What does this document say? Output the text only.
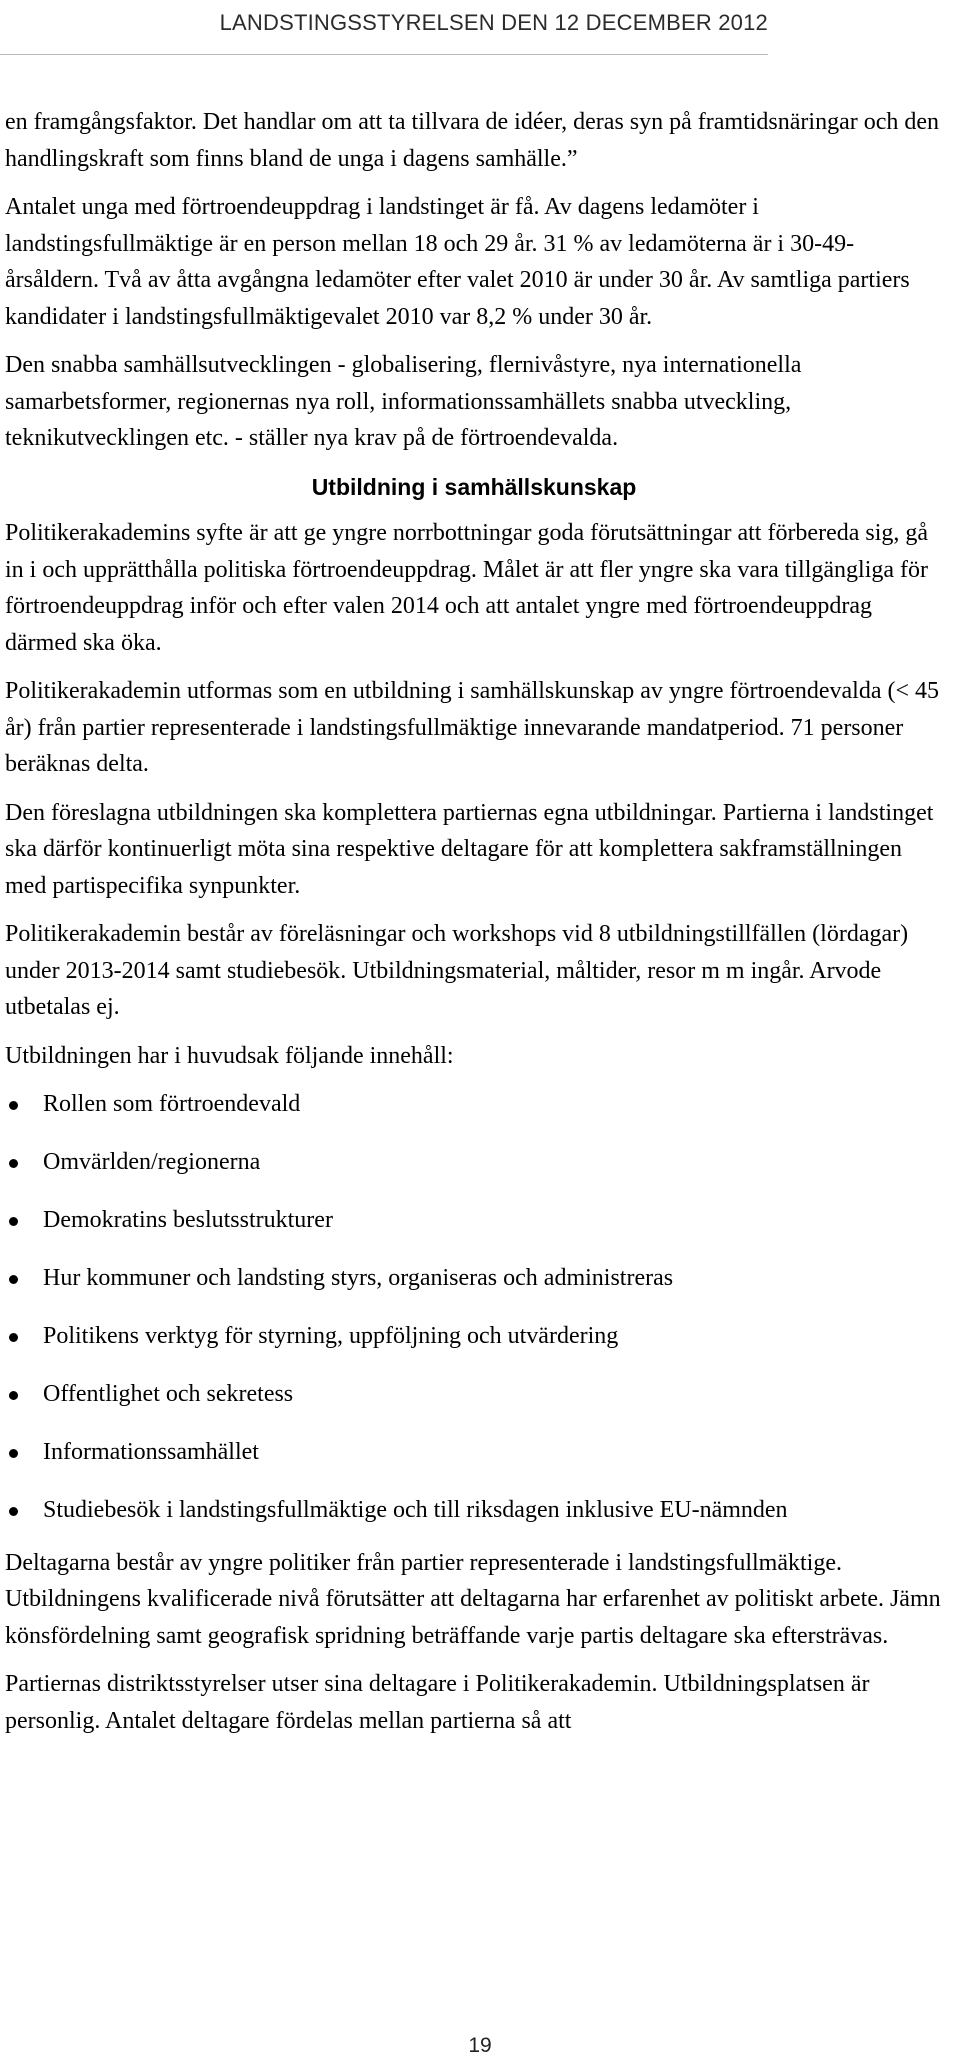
LANDSTINGSSTYRELSEN DEN 12 DECEMBER 2012

en framgångsfaktor. Det handlar om att ta tillvara de idéer, deras syn på framtidsnäringar och den handlingskraft som finns bland de unga i dagens samhälle.”

Antalet unga med förtroendeuppdrag i landstinget är få. Av dagens ledamöter i landstingsfullmäktige är en person mellan 18 och 29 år. 31 % av ledamöterna är i 30-49-årsåldern. Två av åtta avgångna ledamöter efter valet 2010 är under 30 år. Av samtliga partiers kandidater i landstingsfullmäktigevalet 2010 var 8,2 % under 30 år.

Den snabba samhällsutvecklingen - globalisering, flernivåstyre, nya internationella samarbetsformer, regionernas nya roll, informationssamhällets snabba utveckling, teknikutvecklingen etc. - ställer nya krav på de förtroendevalda.

Utbildning i samhällskunskap

Politikerakademins syfte är att ge yngre norrbottningar goda förutsättningar att förbereda sig, gå in i och upprätthålla politiska förtroendeuppdrag. Målet är att fler yngre ska vara tillgängliga för förtroendeuppdrag inför och efter valen 2014 och att antalet yngre med förtroendeuppdrag därmed ska öka.

Politikerakademin utformas som en utbildning i samhällskunskap av yngre förtroendevalda (< 45 år) från partier representerade i landstingsfullmäktige innevarande mandatperiod. 71 personer beräknas delta.

Den föreslagna utbildningen ska komplettera partiernas egna utbildningar. Partierna i landstinget ska därför kontinuerligt möta sina respektive deltagare för att komplettera sakframställningen med partispecifika synpunkter.

Politikerakademin består av föreläsningar och workshops vid 8 utbildningstillfällen (lördagar) under 2013-2014 samt studiebesök. Utbildningsmaterial, måltider, resor m m ingår. Arvode utbetalas ej.

Utbildningen har i huvudsak följande innehåll:

Rollen som förtroendevald
Omvärlden/regionerna
Demokratins beslutsstrukturer
Hur kommuner och landsting styrs, organiseras och administreras
Politikens verktyg för styrning, uppföljning och utvärdering
Offentlighet och sekretess
Informationssamhället
Studiebesök i landstingsfullmäktige och till riksdagen inklusive EU-nämnden

Deltagarna består av yngre politiker från partier representerade i landstingsfullmäktige. Utbildningens kvalificerade nivå förutsätter att deltagarna har erfarenhet av politiskt arbete. Jämn könsfördelning samt geografisk spridning beträffande varje partis deltagare ska eftersträvas.

Partiernas distriktsstyrelser utser sina deltagare i Politikerakademin. Utbildningsplatsen är personlig. Antalet deltagare fördelas mellan partierna så att

19
